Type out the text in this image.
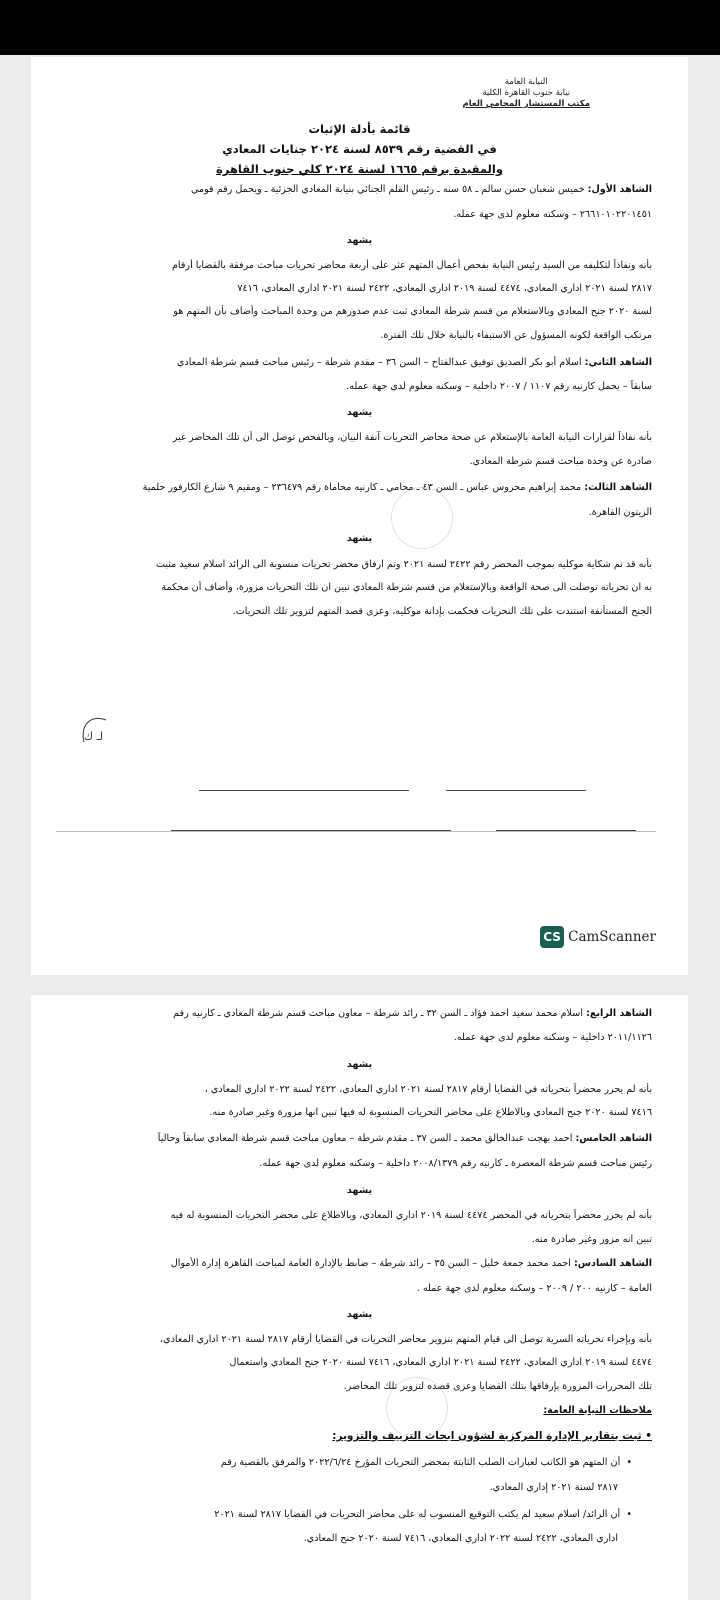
النيابة العامة
نيابة جنوب القاهرة الكلية
مكتب المستشار المحامي العام
قائمة بأدلة الإثبات
في القضية رقم ٨٥٣٩ لسنة ٢٠٢٤ جنايات المعادي
والمقيدة برقم ١٦٦٥ لسنة ٢٠٢٤ كلي جنوب القاهرة
الشاهد الأول: خميس شعبان حسن سالم ـ ٥٨ سنه ـ رئيس القلم الجنائي بنيابة المعادي الجزئية ـ ويحمل رقم قومي
٢٦٦١٠١٠٢٢٠١٤٥١ – وسكنه معلوم لدى جهة عمله.
يشهد
بأنه ونفاذاً لتكليفه من السيد رئيس النيابة بفحص أعمال المتهم عثر على أربعة محاضر تحريات مباحث مرفقة بالقضايا أرقام
٢٨١٧ لسنة ٢٠٢١ اداري المعادي، ٤٤٧٤ لسنة ٢٠١٩ اداري المعادي، ٢٤٢٢ لسنة ٢٠٢١ اداري المعادي، ٧٤١٦
لسنة ٢٠٢٠ جنح المعادي وبالاستعلام من قسم شرطة المعادي ثبت عدم صدورهم من وحدة المباحث وأضاف بأن المتهم هو
مرتكب الواقعة لكونه المسؤول عن الاستيفاء بالنيابة خلال تلك الفترة.
الشاهد الثاني: اسلام أبو بكر الصديق توفيق عبدالفتاح – السن ٣٦ – مقدم شرطة – رئيس مباحث قسم شرطة المعادي
سابقاً – يحمل كارنيه رقم ١١٠٧ / ٢٠٠٧ داخلية – وسكنه معلوم لدي جهة عمله.
يشهد
بأنه نفاذاً لقرارات النيابة العامة بالإستعلام عن صحة محاضر التحريات آنفة البيان، وبالفحص توصل الى أن تلك المحاضر غير
صادرة عن وحدة مباحث قسم شرطة المعادي.
الشاهد الثالث: محمد إبراهيم محروس عباس ـ السن ٤٣ ـ محامي ـ كارنيه محاماة رقم ٢٣٦٤٧٩ – ومقيم ٩ شارع الكارفور حلمية
الزيتون القاهرة.
يشهد
بأنه قد تم شكاية موكليه بموجب المحضر رقم ٢٤٢٢ لسنة ٢٠٢١ وتم ارفاق محضر تحريات منسوبة الى الرائد اسلام سعيد مثبت
به ان تحرياته توصلت الى صحة الواقعة وبالإستعلام من قسم شرطة المعادي تبين ان تلك التحريات مزورة، وأضاف أن محكمة
الجنح المستأنفة استندت على تلك التحريات فحكمت بإدانة موكليه، وعزى قصد المتهم لتزوير تلك التحريات.
لـ ك
CS CamScanner
الشاهد الرابع: اسلام محمد سعيد احمد فؤاد ـ السن ٣٢ ـ رائد شرطة – معاون مباحث قسم شرطة المعادي ـ كارنيه رقم
٢٠١١/١١٢٦ داخلية – وسكنه معلوم لدى جهة عمله.
يشهد
بأنه لم يحرر محضراً بتحرياته في القضايا أرقام ٢٨١٧ لسنة ٢٠٢١ اداري المعادي، ٢٤٢٢ لسنة ٢٠٢٢ اداري المعادي ،
٧٤١٦ لسنة ٢٠٢٠ جنح المعادي وبالاطلاع على محاضر التحريات المنسوبة له فيها تبين انها مزورة وغير صادرة منه.
الشاهد الخامس: احمد بهجت عبدالخالق محمد ـ السن ٣٧ ـ مقدم شرطة – معاون مباحث قسم شرطة المعادي سابقاً وحالياً
رئيس مباحث قسم شرطة المعصرة ـ كارنيه رقم ٢٠٠٨/١٣٧٩ داخلية – وسكنه معلوم لدى جهة عمله.
يشهد
بأنه لم يحرر محضراً بتحرياته في المحضر ٤٤٧٤ لسنة ٢٠١٩ اداري المعادي، وبالاطلاع على محضر التحريات المنسوبة له فيه
تبين انه مزور وغير صادرة منه.
الشاهد السادس: احمد محمد جمعة خليل – السن ٣٥ – رائد شرطة – ضابط بالإدارة العامة لمباحث القاهرة إدارة الأموال
العامة – كارنيه ٢٠٠ / ٢٠٠٩ – وسكنه معلوم لدى جهة عمله .
يشهد
بأنه وبإجراء تحرياته السرية توصل الى قيام المتهم بتزوير محاضر التحريات في القضايا أرقام ٢٨١٧ لسنة ٢٠٢١ اداري المعادي،
٤٤٧٤ لسنة ٢٠١٩ اداري المعادي، ٢٤٢٢ لسنة ٢٠٢١ اداري المعادي، ٧٤١٦ لسنة ٢٠٢٠ جنح المعادي واستعمال
تلك المحررات المزورة بإرفاقها بتلك القضايا وعزى قصده لتزوير تلك المحاضر.
ملاحظات النيابة العامة:
• ثبت بتقارير الإدارة المركزية لشؤون ابحاث التزييف والتزوير:
•  أن المتهم هو الكاتب لعبارات الصلب الثابتة بمحضر التحريات المؤرخ ٢٠٢٢/٦/٢٤ والمرفق بالقضية رقم
٢٨١٧ لسنة ٢٠٢١ إداري المعادي.
•  أن الرائد/ اسلام سعيد لم يكتب التوقيع المنسوب له على محاضر التحريات في القضايا ٢٨١٧ لسنة ٢٠٢١
اداري المعادي، ٢٤٢٢ لسنة ٢٠٢٢ اداري المعادي، ٧٤١٦ لسنة ٢٠٢٠ جنح المعادي.
